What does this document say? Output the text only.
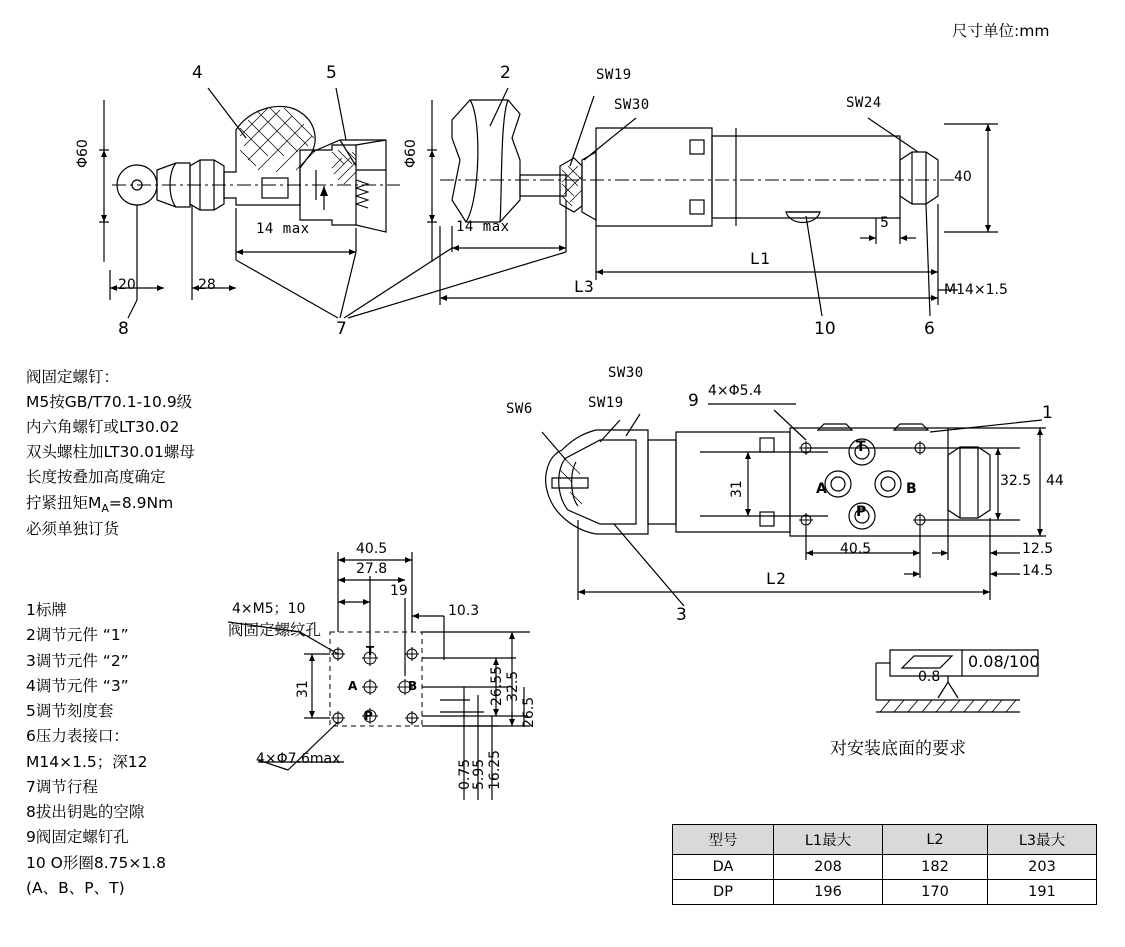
尺寸单位:mm
4	5	2
8	7	10	6
SW19
SW30	SW24
Φ60	Φ60
14 max	14 max
20	28
L1
L3
40
5
M14×1.5
1
9
3
SW6	SW19
SW30
4×Φ5.4
T
A	B
P
31	32.5 44
40.5	12.5
14.5
L2
4×M5；10
阀固定螺纹孔
4×Φ7.6max
T
A	B
P
40.5
27.8
19
10.3
31	26.55 32.5
26.5
0.75
5.95 16.25
0.08/100
0.8
对安装底面的要求
阀固定螺钉：
M5按GB/T70.1-10.9级
内六角螺钉或LT30.02
双头螺柱加LT30.01螺母
长度按叠加高度确定
拧紧扭矩$M_A=8.9Nm$
必须单独订货
1标牌
2调节元件 “1”
3调节元件 “2”
4调节元件 “3”
5调节刻度套
6压力表接口：
M14×1.5；深12
7调节行程
8拔出钥匙的空隙
9阀固定螺钉孔
10 O形圈8.75×1.8
(A、B、P、T)
型号	L1最大	L2	L3最大
DA	208	182	203
DP	196	170	191
